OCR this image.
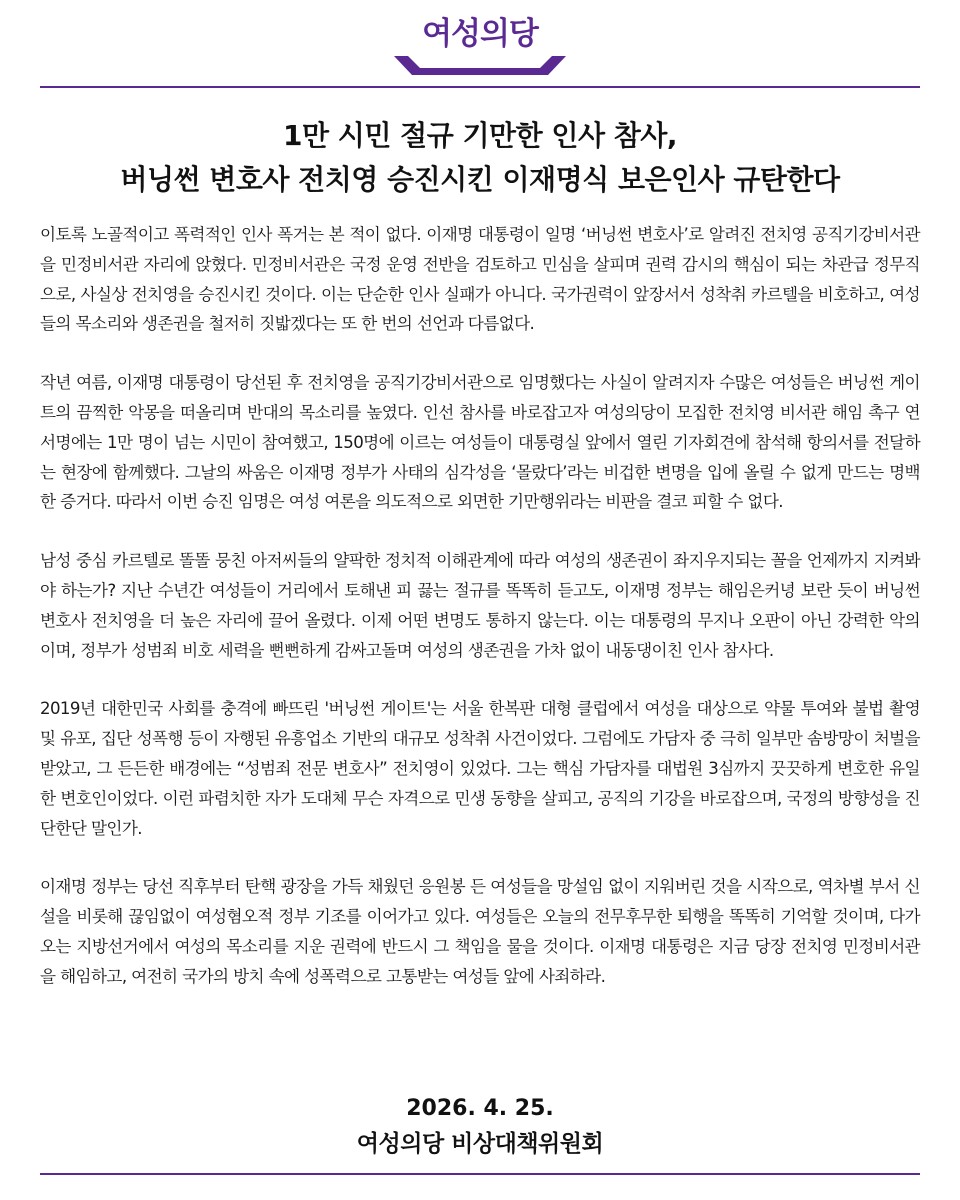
여성의당
1만 시민 절규 기만한 인사 참사,
버닝썬 변호사 전치영 승진시킨 이재명식 보은인사 규탄한다

이토록 노골적이고 폭력적인 인사 폭거는 본 적이 없다. 이재명 대통령이 일명 ‘버닝썬 변호사’로 알려진 전치영 공직기강비서관을 민정비서관 자리에 앉혔다. 민정비서관은 국정 운영 전반을 검토하고 민심을 살피며 권력 감시의 핵심이 되는 차관급 정무직으로, 사실상 전치영을 승진시킨 것이다. 이는 단순한 인사 실패가 아니다. 국가권력이 앞장서서 성착취 카르텔을 비호하고, 여성들의 목소리와 생존권을 철저히 짓밟겠다는 또 한 번의 선언과 다름없다.

작년 여름, 이재명 대통령이 당선된 후 전치영을 공직기강비서관으로 임명했다는 사실이 알려지자 수많은 여성들은 버닝썬 게이트의 끔찍한 악몽을 떠올리며 반대의 목소리를 높였다. 인선 참사를 바로잡고자 여성의당이 모집한 전치영 비서관 해임 촉구 연서명에는 1만 명이 넘는 시민이 참여했고, 150명에 이르는 여성들이 대통령실 앞에서 열린 기자회견에 참석해 항의서를 전달하는 현장에 함께했다. 그날의 싸움은 이재명 정부가 사태의 심각성을 ‘몰랐다’라는 비겁한 변명을 입에 올릴 수 없게 만드는 명백한 증거다. 따라서 이번 승진 임명은 여성 여론을 의도적으로 외면한 기만행위라는 비판을 결코 피할 수 없다.

남성 중심 카르텔로 똘똘 뭉친 아저씨들의 얄팍한 정치적 이해관계에 따라 여성의 생존권이 좌지우지되는 꼴을 언제까지 지켜봐야 하는가? 지난 수년간 여성들이 거리에서 토해낸 피 끓는 절규를 똑똑히 듣고도, 이재명 정부는 해임은커녕 보란 듯이 버닝썬 변호사 전치영을 더 높은 자리에 끌어 올렸다. 이제 어떤 변명도 통하지 않는다. 이는 대통령의 무지나 오판이 아닌 강력한 악의이며, 정부가 성범죄 비호 세력을 뻔뻔하게 감싸고돌며 여성의 생존권을 가차 없이 내동댕이친 인사 참사다.

2019년 대한민국 사회를 충격에 빠뜨린 '버닝썬 게이트'는 서울 한복판 대형 클럽에서 여성을 대상으로 약물 투여와 불법 촬영 및 유포, 집단 성폭행 등이 자행된 유흥업소 기반의 대규모 성착취 사건이었다. 그럼에도 가담자 중 극히 일부만 솜방망이 처벌을 받았고, 그 든든한 배경에는 “성범죄 전문 변호사” 전치영이 있었다. 그는 핵심 가담자를 대법원 3심까지 끗끗하게 변호한 유일한 변호인이었다. 이런 파렴치한 자가 도대체 무슨 자격으로 민생 동향을 살피고, 공직의 기강을 바로잡으며, 국정의 방향성을 진단한단 말인가.

이재명 정부는 당선 직후부터 탄핵 광장을 가득 채웠던 응원봉 든 여성들을 망설임 없이 지워버린 것을 시작으로, 역차별 부서 신설을 비롯해 끊임없이 여성혐오적 정부 기조를 이어가고 있다. 여성들은 오늘의 전무후무한 퇴행을 똑똑히 기억할 것이며, 다가오는 지방선거에서 여성의 목소리를 지운 권력에 반드시 그 책임을 물을 것이다. 이재명 대통령은 지금 당장 전치영 민정비서관을 해임하고, 여전히 국가의 방치 속에 성폭력으로 고통받는 여성들 앞에 사죄하라.

2026. 4. 25.
여성의당 비상대책위원회
